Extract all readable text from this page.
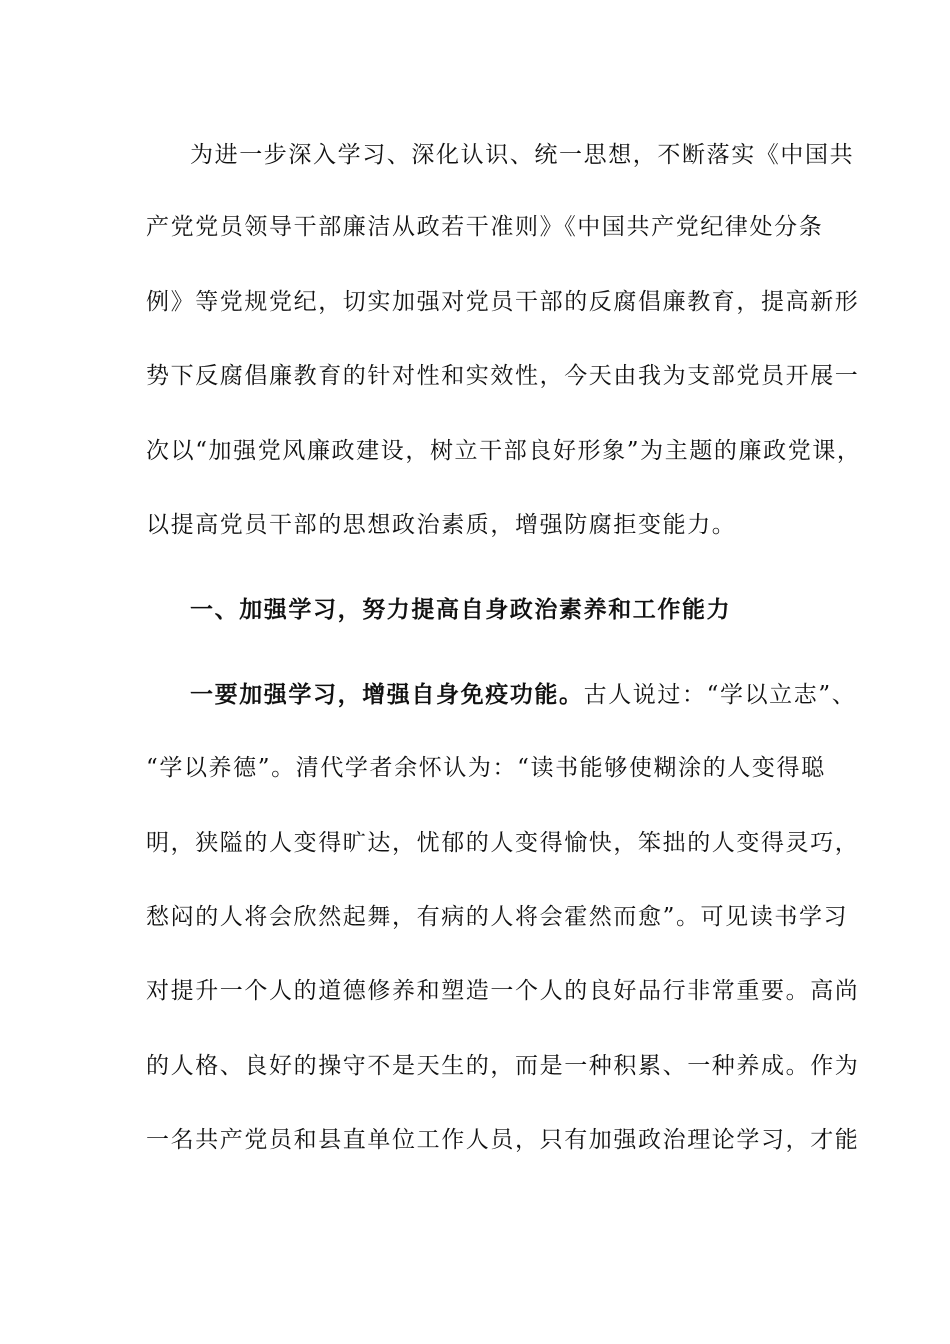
为进一步深入学习、深化认识、统一思想，不断落实《中国共
产党党员领导干部廉洁从政若干准则》《中国共产党纪律处分条
例》等党规党纪，切实加强对党员干部的反腐倡廉教育，提高新形
势下反腐倡廉教育的针对性和实效性，今天由我为支部党员开展一
次以“加强党风廉政建设，树立干部良好形象”为主题的廉政党课，
以提高党员干部的思想政治素质，增强防腐拒变能力。
一、加强学习，努力提高自身政治素养和工作能力
一要加强学习，增强自身免疫功能。古人说过：“学以立志”、
“学以养德”。清代学者余怀认为：“读书能够使糊涂的人变得聪
明，狭隘的人变得旷达，忧郁的人变得愉快，笨拙的人变得灵巧，
愁闷的人将会欣然起舞，有病的人将会霍然而愈”。可见读书学习
对提升一个人的道德修养和塑造一个人的良好品行非常重要。高尚
的人格、良好的操守不是天生的，而是一种积累、一种养成。作为
一名共产党员和县直单位工作人员，只有加强政治理论学习，才能
